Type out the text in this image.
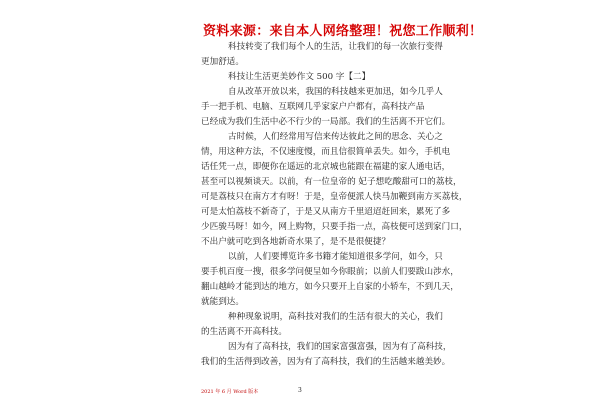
资料来源：来自本人网络整理！祝您工作顺利！
科技转变了我们每个人的生活，让我们的每一次旅行变得
更加舒适。
科技让生活更美妙作文 500 字【二】
自从改革开放以来，我国的科技越来更加迅，如今几乎人
手一把手机、电脑、互联网几乎家家户户都有，高科技产品
已经成为我们生活中必不行少的一局部。我们的生活离不开它们。
古时候，人们经常用写信来传达彼此之间的思念、关心之
情，用这种方法，不仅速度慢，而且信很简单丢失。如今，手机电
话任凭一点，即便你在遥远的北京城也能跟在福建的家人通电话，
甚至可以视频谈天。以前，有一位皇帝的 妃子想吃酸甜可口的荔枝，
可是荔枝只在南方才有呀！于是，皇帝便派人快马加鞭到南方买荔枝，
可是太怕荔枝不新奇了，于是又从南方千里迢迢赶回来，累死了多
少匹骏马呀！如今，网上购物，只要手指一点，高枝便可送到家门口，
不出户就可吃到各地新奇水果了，是不是很便捷？
以前，人们要博览许多书籍才能知道很多学问，如今，只
要手机百度一搜，很多学问便呈如今你眼前；以前人们要跋山涉水，
翻山越岭才能到达的地方，如今只要开上自家的小轿车，不到几天，
就能到达。
种种现象说明，高科技对我们的生活有很大的关心，我们
的生活离不开高科技。
因为有了高科技，我们的国家富强富强，因为有了高科技，
我们的生活得到改善，因为有了高科技，我们的生活越来越美妙。
2021 年 6 月 Word 版本	3
